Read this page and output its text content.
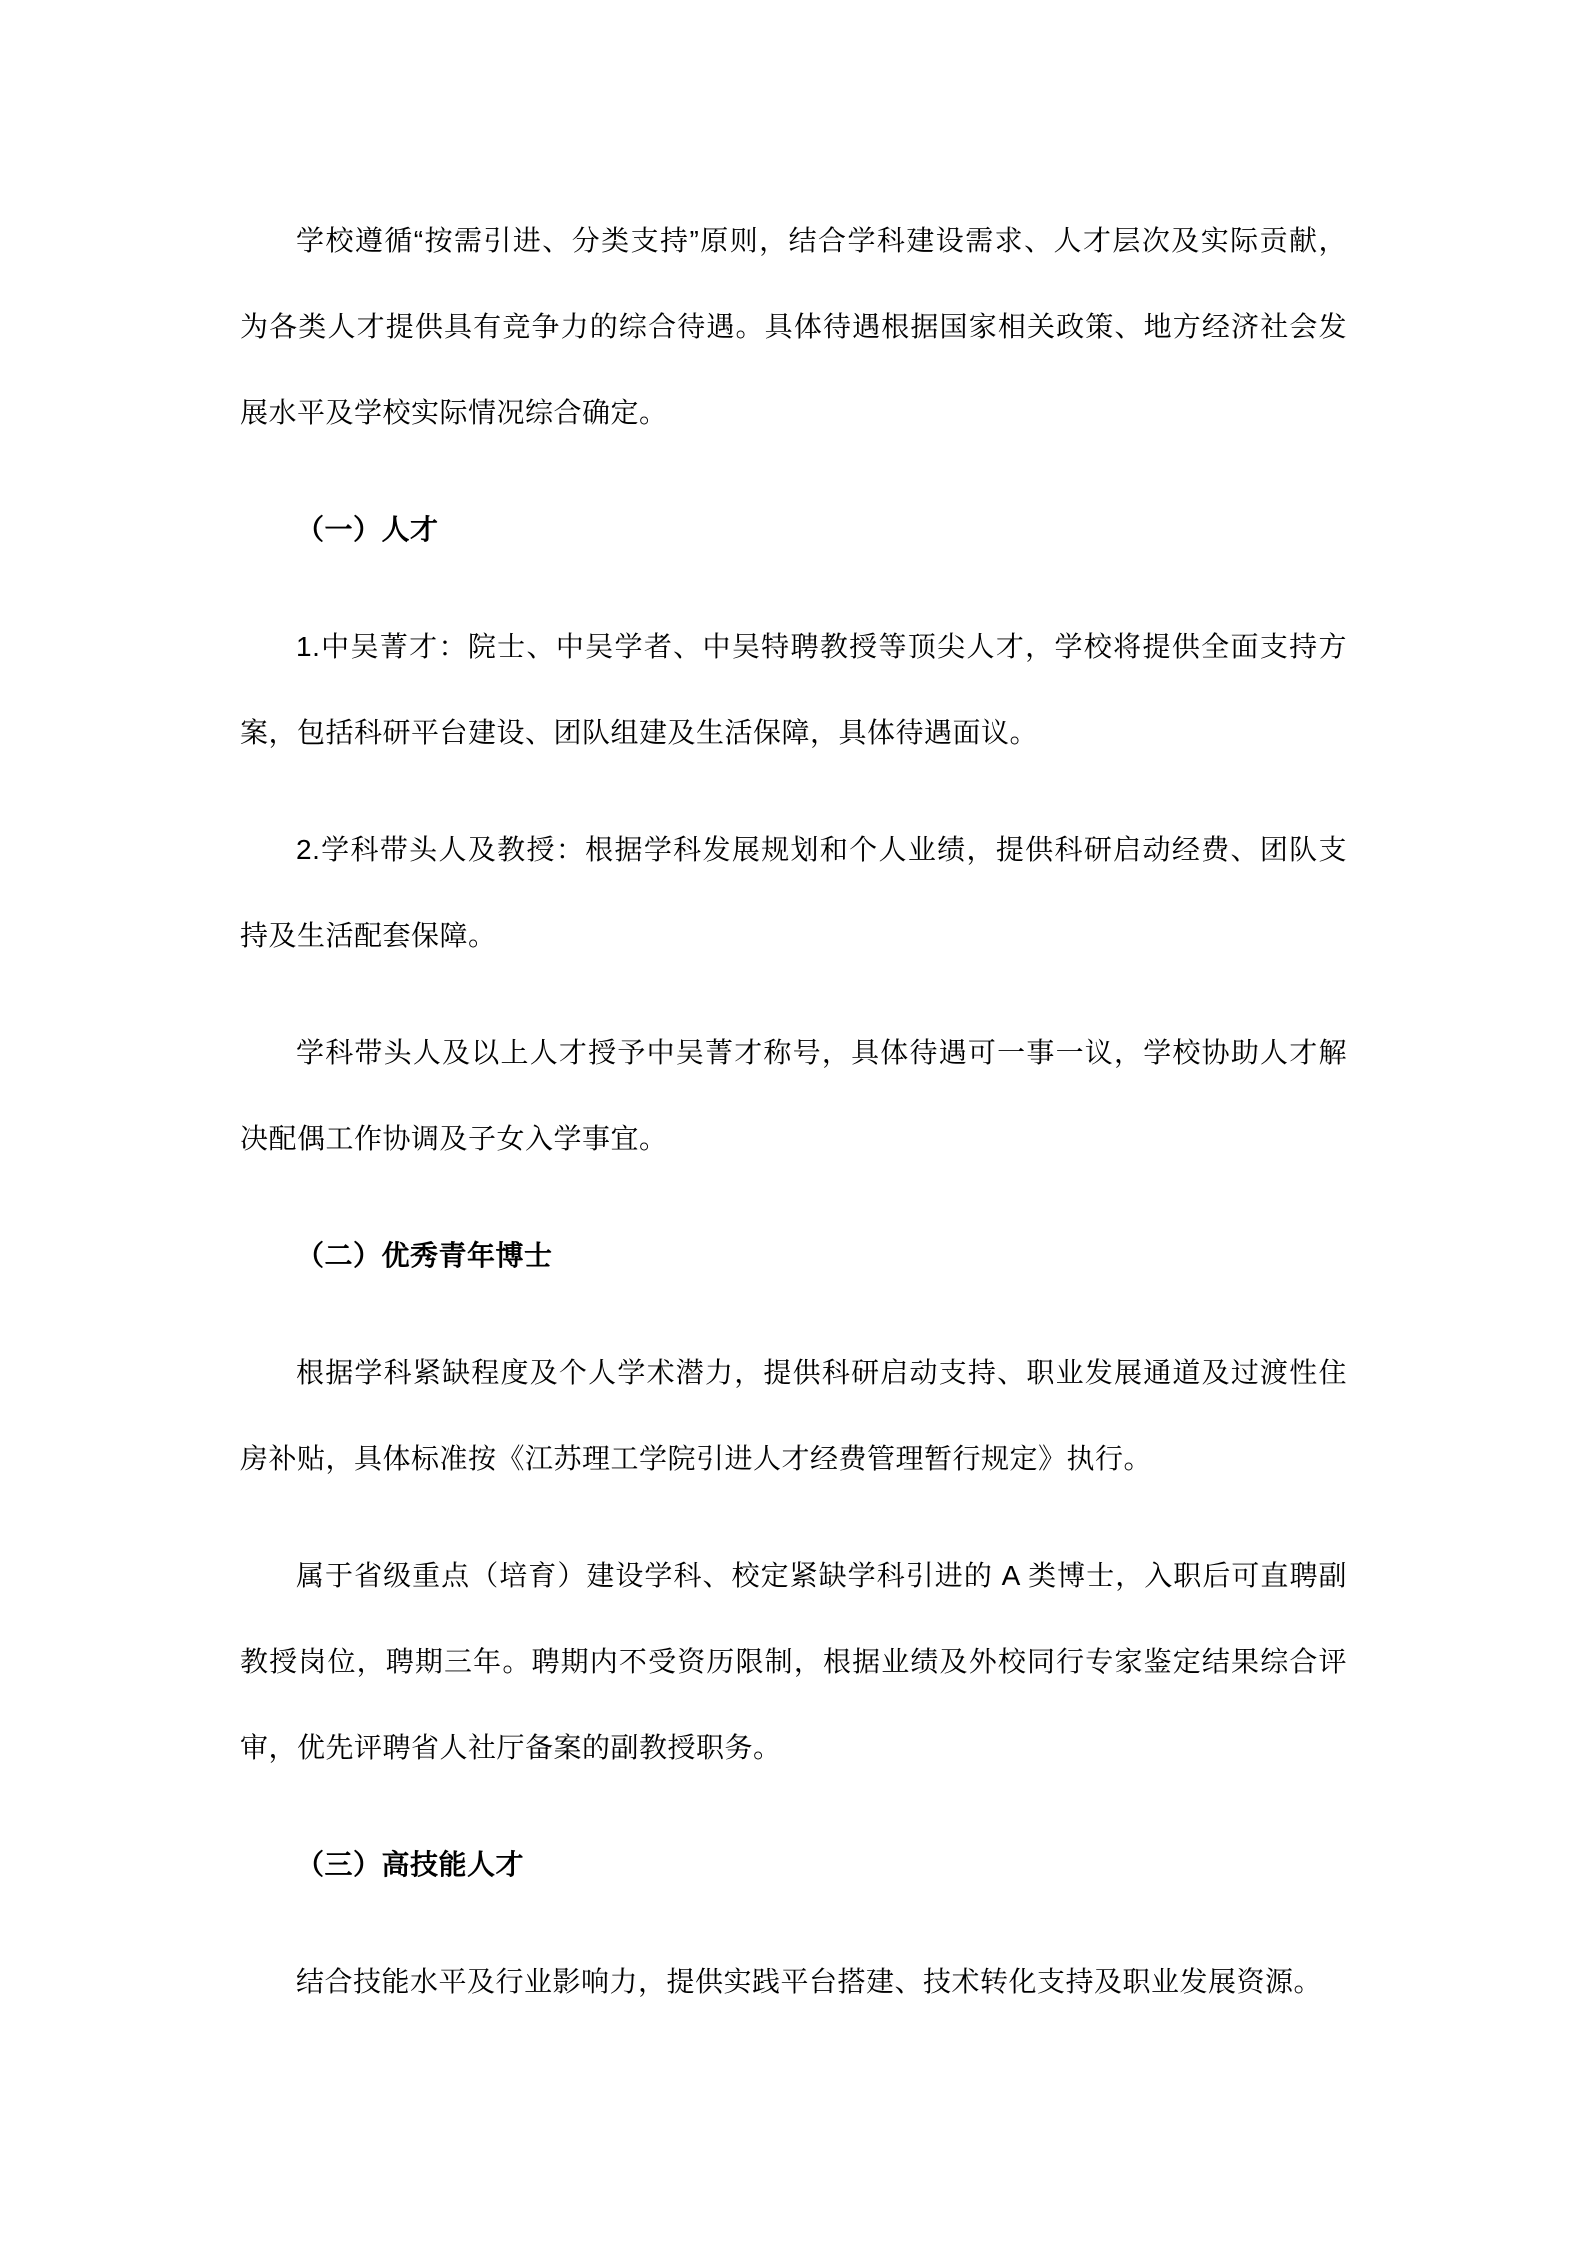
学校遵循“按需引进、分类支持”原则，结合学科建设需求、人才层次及实际贡献，
为各类人才提供具有竞争力的综合待遇。具体待遇根据国家相关政策、地方经济社会发
展水平及学校实际情况综合确定。
（一）人才
1.中吴菁才：院士、中吴学者、中吴特聘教授等顶尖人才，学校将提供全面支持方
案，包括科研平台建设、团队组建及生活保障，具体待遇面议。
2.学科带头人及教授：根据学科发展规划和个人业绩，提供科研启动经费、团队支
持及生活配套保障。
学科带头人及以上人才授予中吴菁才称号，具体待遇可一事一议，学校协助人才解
决配偶工作协调及子女入学事宜。
（二）优秀青年博士
根据学科紧缺程度及个人学术潜力，提供科研启动支持、职业发展通道及过渡性住
房补贴，具体标准按《江苏理工学院引进人才经费管理暂行规定》执行。
属于省级重点（培育）建设学科、校定紧缺学科引进的 A 类博士，入职后可直聘副
教授岗位，聘期三年。聘期内不受资历限制，根据业绩及外校同行专家鉴定结果综合评
审，优先评聘省人社厅备案的副教授职务。
（三）高技能人才
结合技能水平及行业影响力，提供实践平台搭建、技术转化支持及职业发展资源。
